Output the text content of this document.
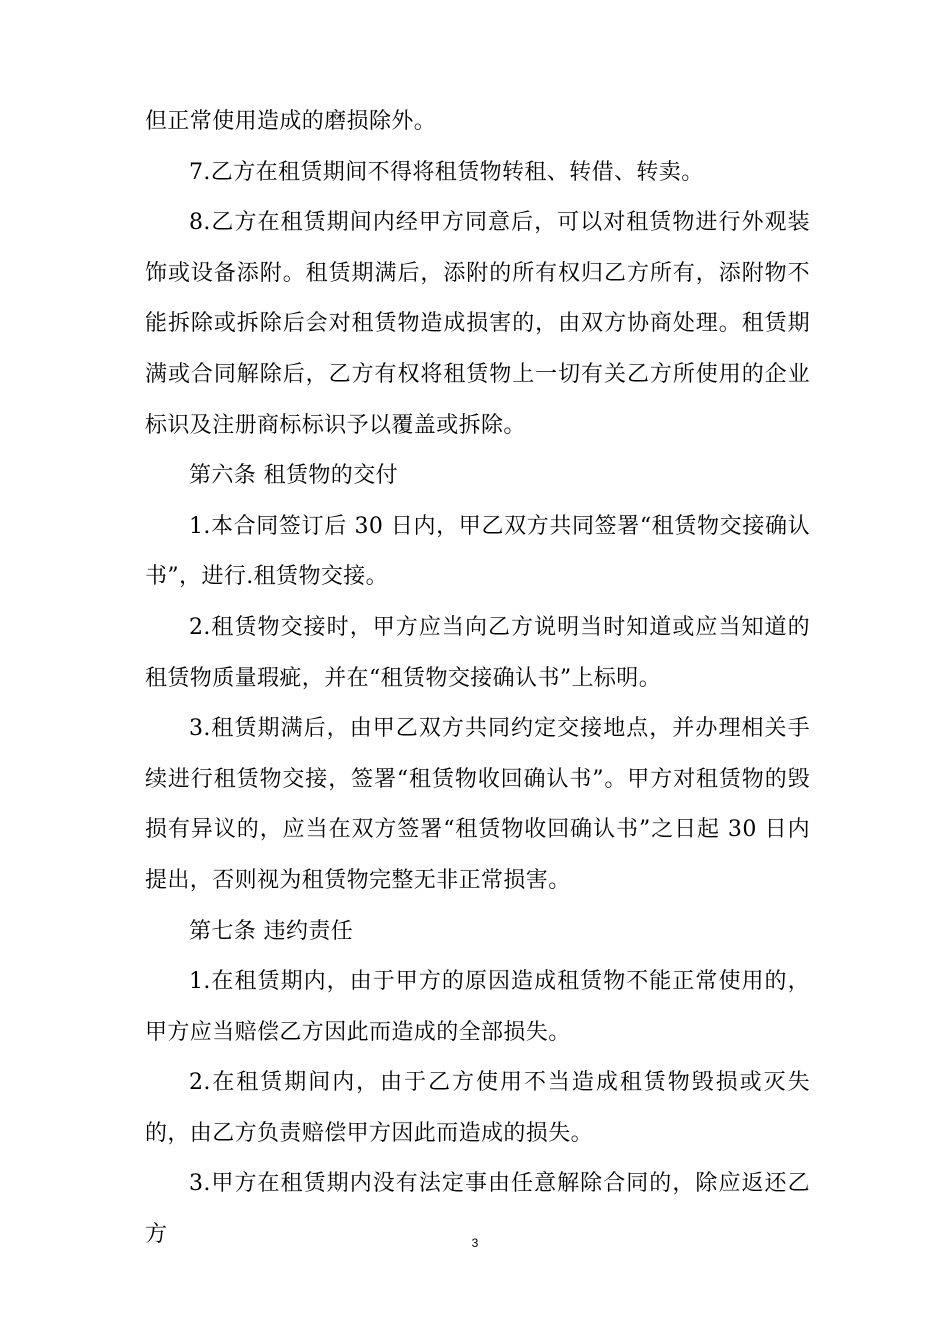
但正常使用造成的磨损除外。

7.乙方在租赁期间不得将租赁物转租、转借、转卖。

8.乙方在租赁期间内经甲方同意后，可以对租赁物进行外观装饰或设备添附。租赁期满后，添附的所有权归乙方所有，添附物不能拆除或拆除后会对租赁物造成损害的，由双方协商处理。租赁期满或合同解除后，乙方有权将租赁物上一切有关乙方所使用的企业标识及注册商标标识予以覆盖或拆除。

第六条 租赁物的交付

1.本合同签订后 30 日内，甲乙双方共同签署“租赁物交接确认书”，进行.租赁物交接。

2.租赁物交接时，甲方应当向乙方说明当时知道或应当知道的租赁物质量瑕疵，并在“租赁物交接确认书”上标明。

3.租赁期满后，由甲乙双方共同约定交接地点，并办理相关手续进行租赁物交接，签署“租赁物收回确认书”。甲方对租赁物的毁损有异议的，应当在双方签署“租赁物收回确认书”之日起 30 日内提出，否则视为租赁物完整无非正常损害。

第七条 违约责任

1.在租赁期内，由于甲方的原因造成租赁物不能正常使用的，甲方应当赔偿乙方因此而造成的全部损失。

2.在租赁期间内，由于乙方使用不当造成租赁物毁损或灭失的，由乙方负责赔偿甲方因此而造成的损失。

3.甲方在租赁期内没有法定事由任意解除合同的，除应返还乙方	3
